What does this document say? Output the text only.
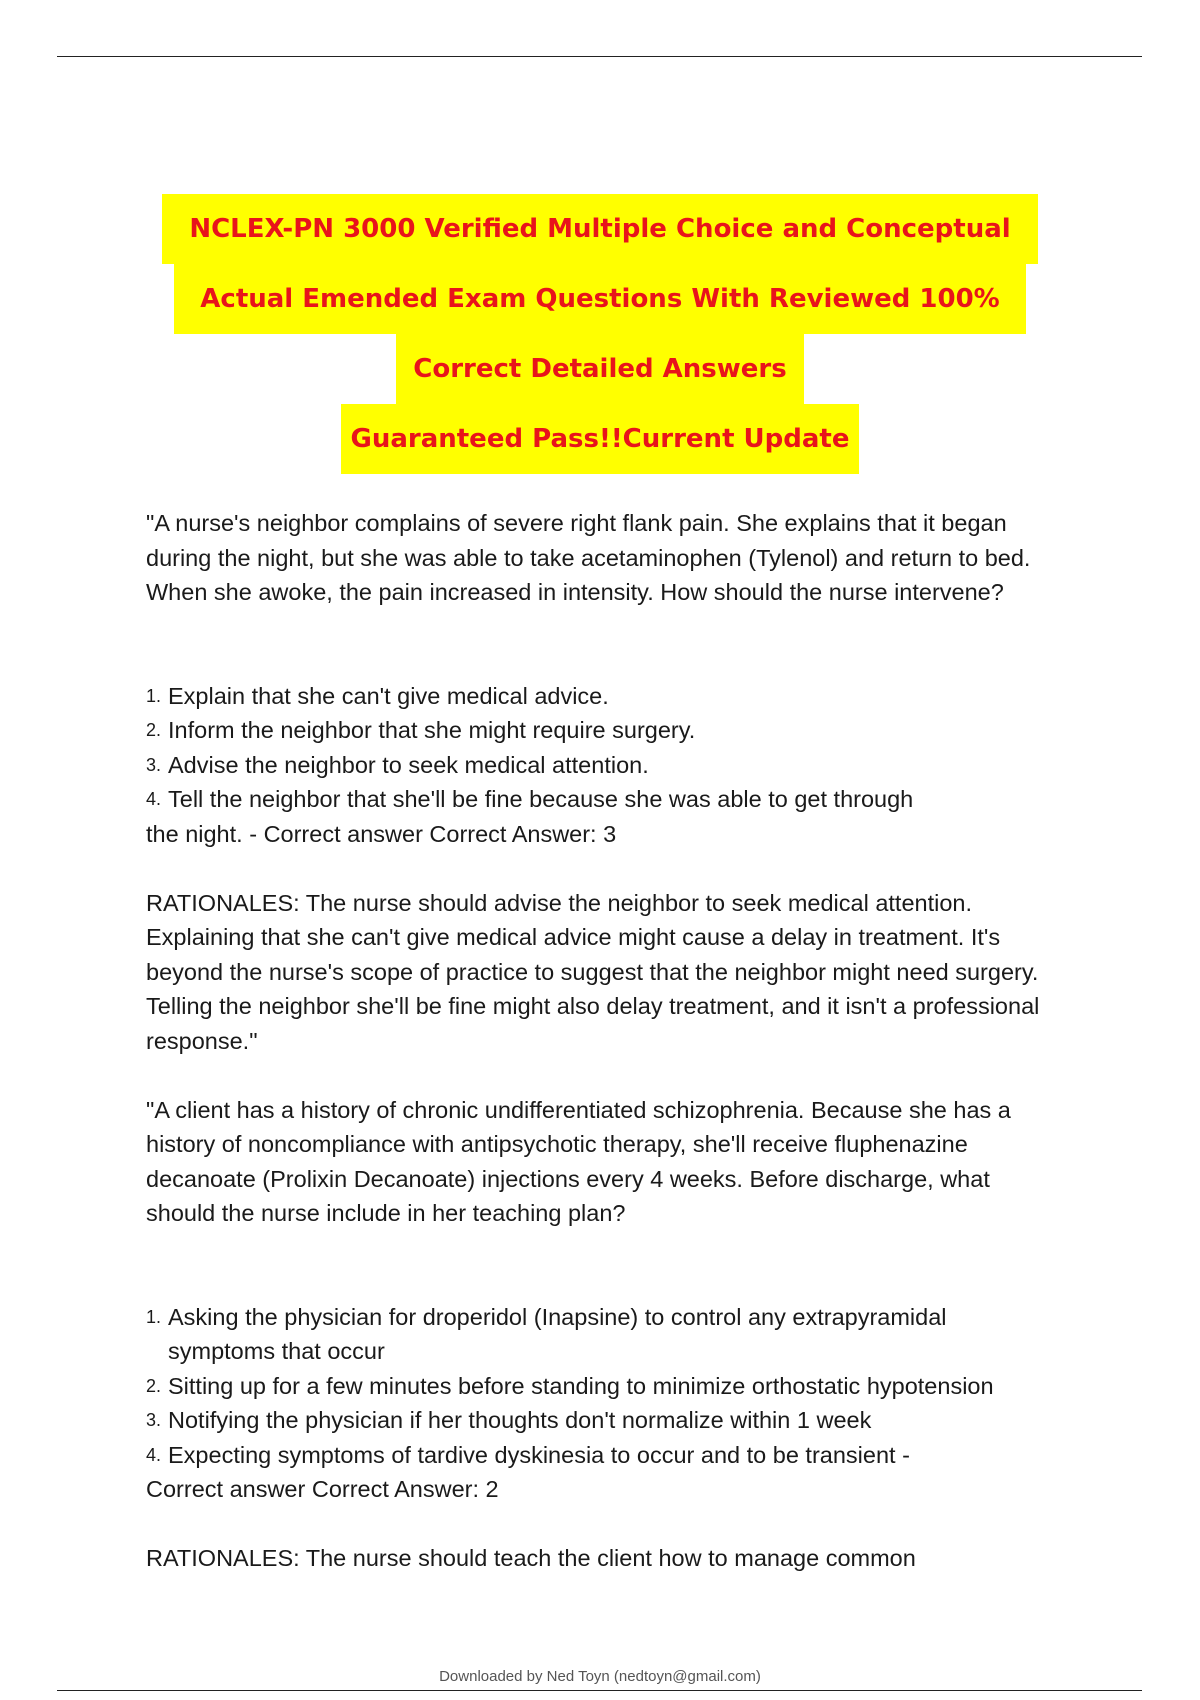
NCLEX-PN 3000 Verified Multiple Choice and Conceptual
Actual Emended Exam Questions With Reviewed 100%
Correct Detailed Answers
Guaranteed Pass!!Current Update

"A nurse's neighbor complains of severe right flank pain. She explains that it began during the night, but she was able to take acetaminophen (Tylenol) and return to bed. When she awoke, the pain increased in intensity. How should the nurse intervene?

1. Explain that she can't give medical advice.
2. Inform the neighbor that she might require surgery.
3. Advise the neighbor to seek medical attention.
4. Tell the neighbor that she'll be fine because she was able to get through

the night. - Correct answer Correct Answer: 3

RATIONALES: The nurse should advise the neighbor to seek medical attention. Explaining that she can't give medical advice might cause a delay in treatment. It's beyond the nurse's scope of practice to suggest that the neighbor might need surgery. Telling the neighbor she'll be fine might also delay treatment, and it isn't a professional response."

"A client has a history of chronic undifferentiated schizophrenia. Because she has a history of noncompliance with antipsychotic therapy, she'll receive fluphenazine decanoate (Prolixin Decanoate) injections every 4 weeks. Before discharge, what should the nurse include in her teaching plan?

1. Asking the physician for droperidol (Inapsine) to control any extrapyramidal symptoms that occur
2. Sitting up for a few minutes before standing to minimize orthostatic hypotension
3. Notifying the physician if her thoughts don't normalize within 1 week
4. Expecting symptoms of tardive dyskinesia to occur and to be transient -

Correct answer Correct Answer: 2

RATIONALES: The nurse should teach the client how to manage common

Downloaded by Ned Toyn (nedtoyn@gmail.com)
